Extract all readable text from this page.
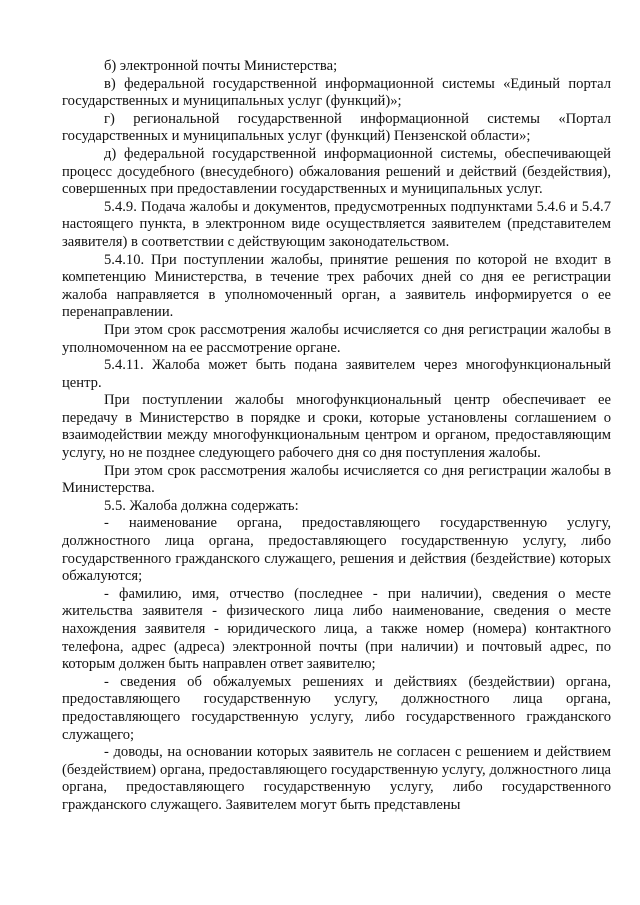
б) электронной почты Министерства;

в) федеральной государственной информационной системы «Единый портал государственных и муниципальных услуг (функций)»;

г) региональной государственной информационной системы «Портал государственных и муниципальных услуг (функций) Пензенской области»;

д) федеральной государственной информационной системы, обеспечивающей процесс досудебного (внесудебного) обжалования решений и действий (бездействия), совершенных при предоставлении государственных и муниципальных услуг.

5.4.9. Подача жалобы и документов, предусмотренных подпунктами 5.4.6 и 5.4.7 настоящего пункта, в электронном виде осуществляется заявителем (представителем заявителя) в соответствии с действующим законодательством.

5.4.10. При поступлении жалобы, принятие решения по которой не входит в компетенцию Министерства, в течение трех рабочих дней со дня ее регистрации жалоба направляется в уполномоченный орган, а заявитель информируется о ее перенаправлении.

При этом срок рассмотрения жалобы исчисляется со дня регистрации жалобы в уполномоченном на ее рассмотрение органе.

5.4.11. Жалоба может быть подана заявителем через многофункциональный центр.

При поступлении жалобы многофункциональный центр обеспечивает ее передачу в Министерство в порядке и сроки, которые установлены соглашением о взаимодействии между многофункциональным центром и органом, предоставляющим услугу, но не позднее следующего рабочего дня со дня поступления жалобы.

При этом срок рассмотрения жалобы исчисляется со дня регистрации жалобы в Министерства.

5.5. Жалоба должна содержать:

- наименование органа, предоставляющего государственную услугу, должностного лица органа, предоставляющего государственную услугу, либо государственного гражданского служащего, решения и действия (бездействие) которых обжалуются;

- фамилию, имя, отчество (последнее - при наличии), сведения о месте жительства заявителя - физического лица либо наименование, сведения о месте нахождения заявителя - юридического лица, а также номер (номера) контактного телефона, адрес (адреса) электронной почты (при наличии) и почтовый адрес, по которым должен быть направлен ответ заявителю;

- сведения об обжалуемых решениях и действиях (бездействии) органа, предоставляющего государственную услугу, должностного лица органа, предоставляющего государственную услугу, либо государственного гражданского служащего;

- доводы, на основании которых заявитель не согласен с решением и действием (бездействием) органа, предоставляющего государственную услугу, должностного лица органа, предоставляющего государственную услугу, либо государственного гражданского служащего. Заявителем могут быть представлены
